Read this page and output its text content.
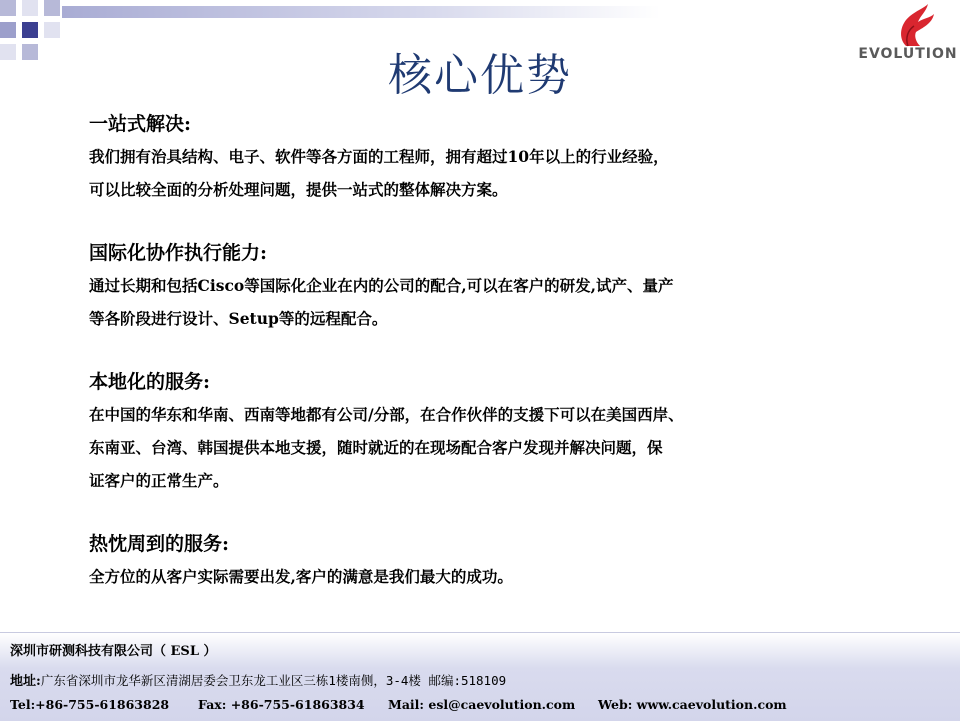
EVOLUTION
核心优势
一站式解决:
我们拥有治具结构、电子、软件等各方面的工程师，拥有超过10年以上的行业经验，
可以比较全面的分析处理问题，提供一站式的整体解决方案。
国际化协作执行能力:
通过长期和包括Cisco等国际化企业在内的公司的配合,可以在客户的研发,试产、量产
等各阶段进行设计、Setup等的远程配合。
本地化的服务:
在中国的华东和华南、西南等地都有公司/分部，在合作伙伴的支援下可以在美国西岸、
东南亚、台湾、韩国提供本地支援，随时就近的在现场配合客户发现并解决问题，保
证客户的正常生产。
热忱周到的服务:
全方位的从客户实际需要出发,客户的满意是我们最大的成功。
深圳市研测科技有限公司（ ESL ）
地址:广东省深圳市龙华新区清湖居委会卫东龙工业区三栋1楼南侧，3-4楼 邮编:518109
Tel:+86-755-61863828 Fax: +86-755-61863834 Mail: esl@caevolution.com Web: www.caevolution.com
